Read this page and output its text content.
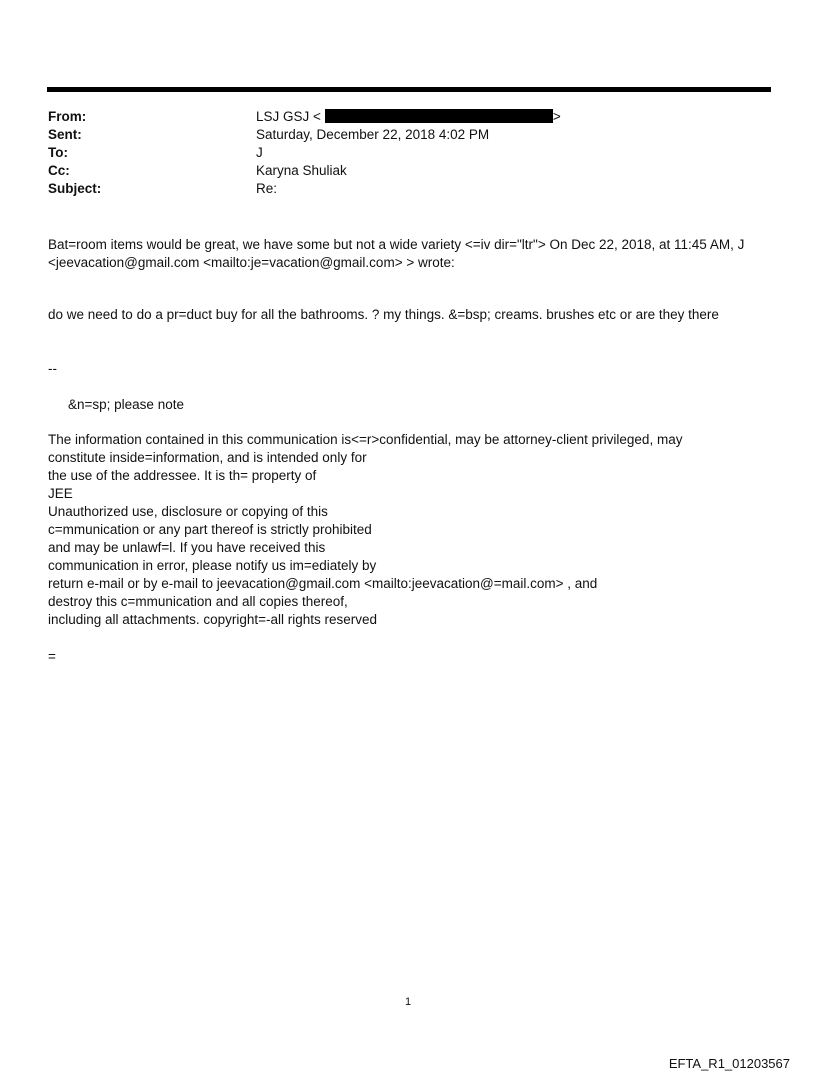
From:	LSJ GSJ <	>
Sent:	Saturday, December 22, 2018 4:02 PM
To:	J
Cc:	Karyna Shuliak
Subject:	Re:
Bat=room items would be great, we have some but not a wide variety <=iv dir="ltr"> On Dec 22, 2018, at 11:45 AM, J
<jeevacation@gmail.com <mailto:je=vacation@gmail.com> > wrote:
do we need to do a pr=duct buy for all the bathrooms. ? my things. &=bsp; creams. brushes etc or are they there
--
&n=sp; please note
The information contained in this communication is<=r>confidential, may be attorney-client privileged, may
constitute inside=information, and is intended only for
the use of the addressee. It is th= property of
JEE
Unauthorized use, disclosure or copying of this
c=mmunication or any part thereof is strictly prohibited
and may be unlawf=l. If you have received this
communication in error, please notify us im=ediately by
return e-mail or by e-mail to jeevacation@gmail.com <mailto:jeevacation@=mail.com> , and
destroy this c=mmunication and all copies thereof,
including all attachments. copyright=-all rights reserved
=
1
EFTA_R1_01203567
